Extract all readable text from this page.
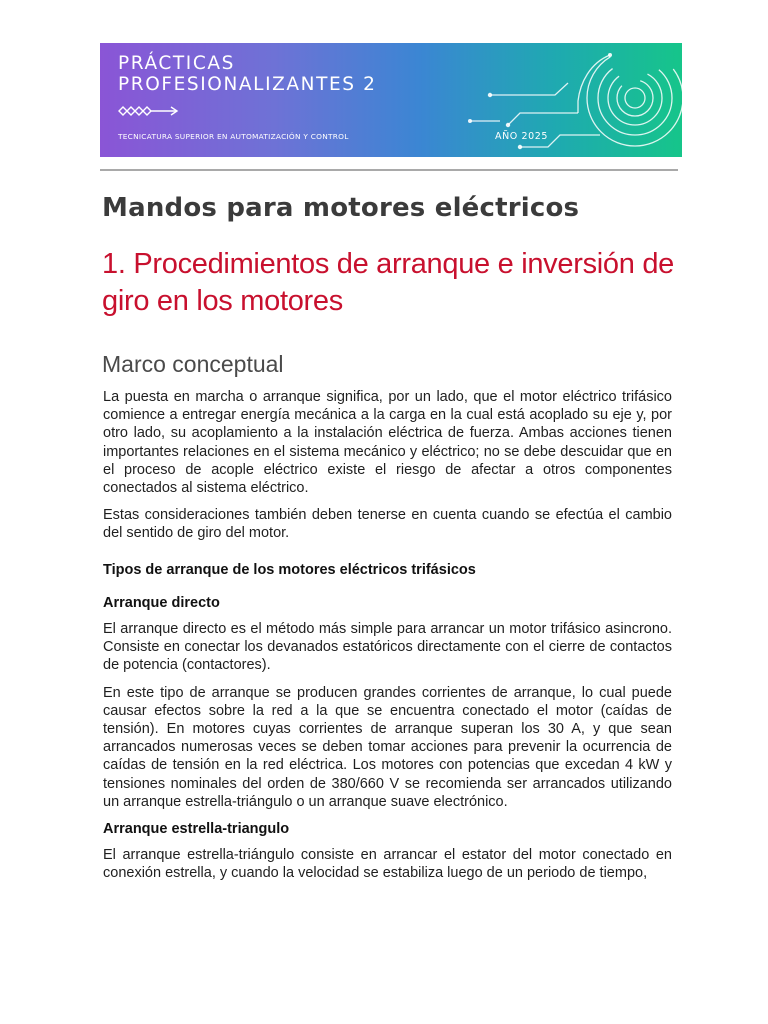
PRÁCTICAS
PROFESIONALIZANTES 2
TECNICATURA SUPERIOR EN AUTOMATIZACIÓN Y CONTROL	AÑO 2025
Mandos para motores eléctricos
1. Procedimientos de arranque e inversión de giro en los motores
Marco conceptual

La puesta en marcha o arranque significa, por un lado, que el motor eléctrico trifásico comience a entregar energía mecánica a la carga en la cual está acoplado su eje y, por otro lado, su acoplamiento a la instalación eléctrica de fuerza. Ambas acciones tienen importantes relaciones en el sistema mecánico y eléctrico; no se debe descuidar que en el proceso de acople eléctrico existe el riesgo de afectar a otros componentes conectados al sistema eléctrico.

Estas consideraciones también deben tenerse en cuenta cuando se efectúa el cambio del sentido de giro del motor.

Tipos de arranque de los motores eléctricos trifásicos
Arranque directo

El arranque directo es el método más simple para arrancar un motor trifásico asincrono. Consiste en conectar los devanados estatóricos directamente con el cierre de contactos de potencia (contactores).

En este tipo de arranque se producen grandes corrientes de arranque, lo cual puede causar efectos sobre la red a la que se encuentra conectado el motor (caídas de tensión). En motores cuyas corrientes de arranque superan los 30 A, y que sean arrancados numerosas veces se deben tomar acciones para prevenir la ocurrencia de caídas de tensión en la red eléctrica. Los motores con potencias que excedan 4 kW y tensiones nominales del orden de 380/660 V se recomienda ser arrancados utilizando un arranque estrella-triángulo o un arranque suave electrónico.

Arranque estrella-triangulo

El arranque estrella-triángulo consiste en arrancar el estator del motor conectado en conexión estrella, y cuando la velocidad se estabiliza luego de un periodo de tiempo,
